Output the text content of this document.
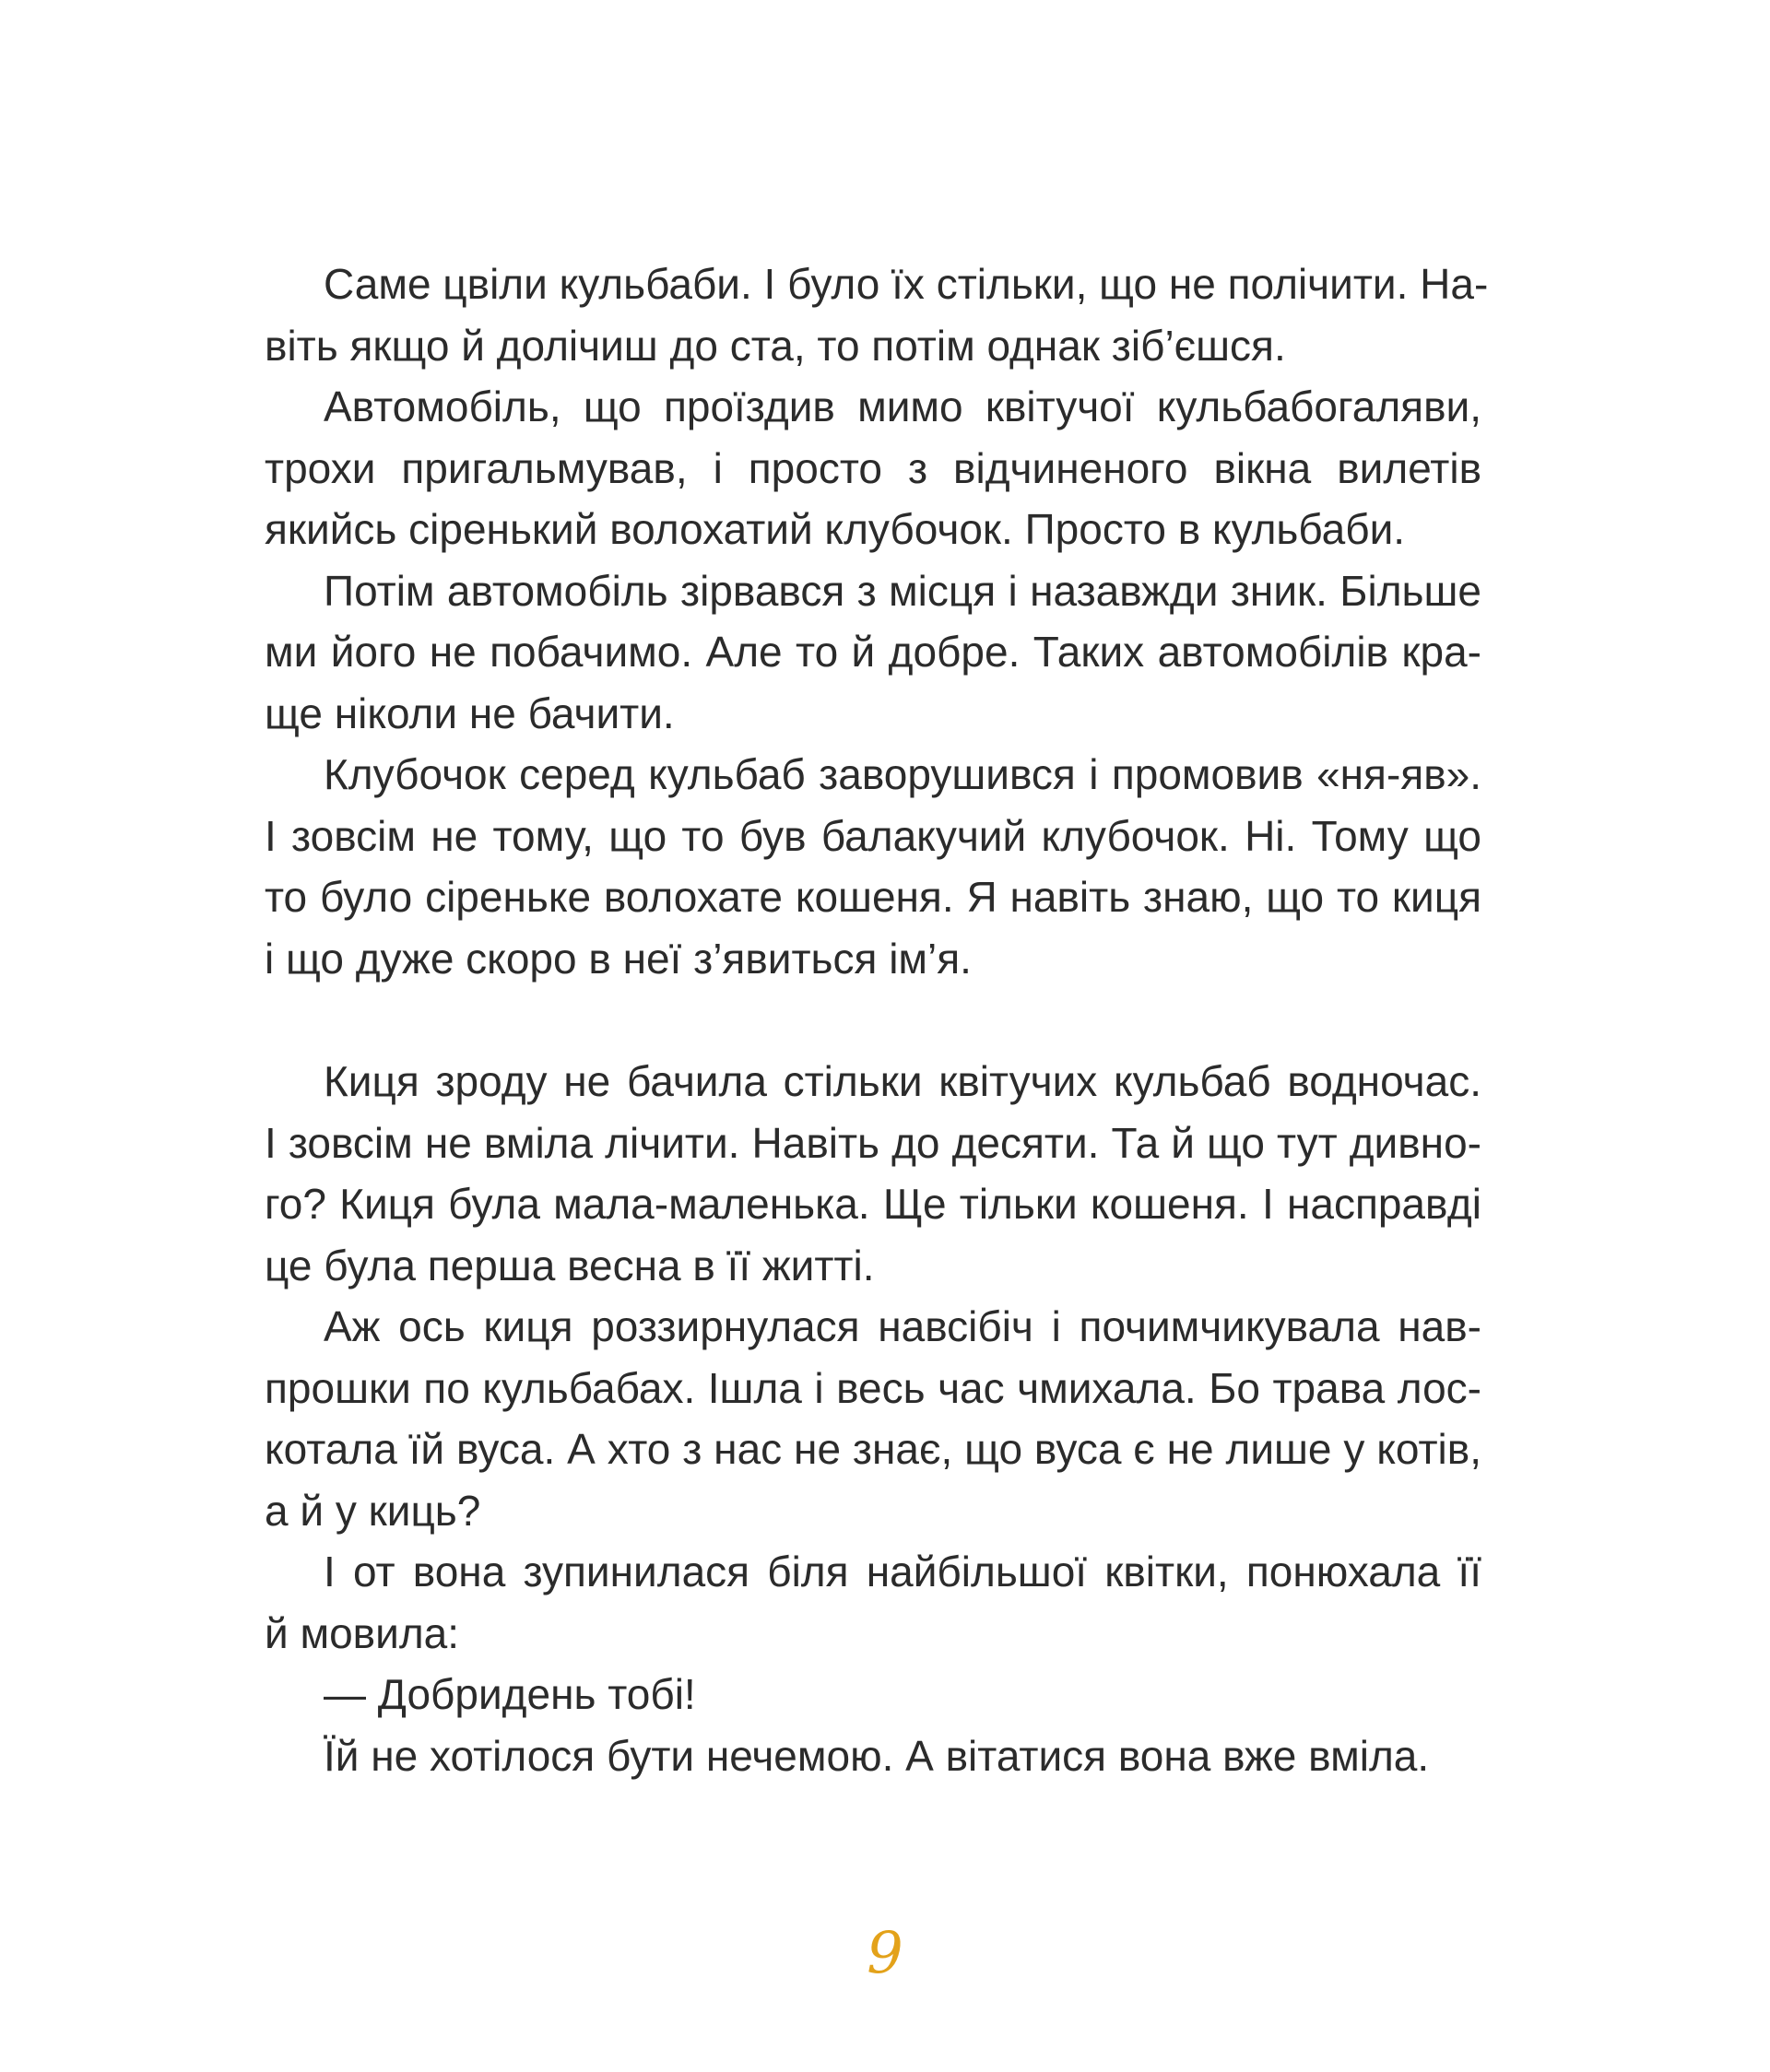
Саме цвіли кульбаби. І було їх стільки, що не полічити. На-
віть якщо й долічиш до ста, то потім однак зіб’єшся.
Автомобіль, що проїздив мимо квітучої кульбабогаляви,
трохи пригальмував, і просто з відчиненого вікна вилетів
якийсь сіренький волохатий клубочок. Просто в кульбаби.
Потім автомобіль зірвався з місця і назавжди зник. Більше
ми його не побачимо. Але то й добре. Таких автомобілів кра-
ще ніколи не бачити.
Клубочок серед кульбаб заворушився і промовив «ня-яв».
І зовсім не тому, що то був балакучий клубочок. Ні. Тому що
то було сіреньке волохате кошеня. Я навіть знаю, що то киця
і що дуже скоро в неї з’явиться ім’я.
Киця зроду не бачила стільки квітучих кульбаб водночас.
І зовсім не вміла лічити. Навіть до десяти. Та й що тут дивно-
го? Киця була мала-маленька. Ще тільки кошеня. І насправді
це була перша весна в її житті.
Аж ось киця роззирнулася навсібіч і почимчикувала нав-
прошки по кульбабах. Ішла і весь час чмихала. Бо трава лос-
котала їй вуса. А хто з нас не знає, що вуса є не лише у котів,
а й у киць?
І от вона зупинилася біля найбільшої квітки, понюхала її
й мовила:
— Добридень тобі!
Їй не хотілося бути нечемою. А вітатися вона вже вміла.
9
